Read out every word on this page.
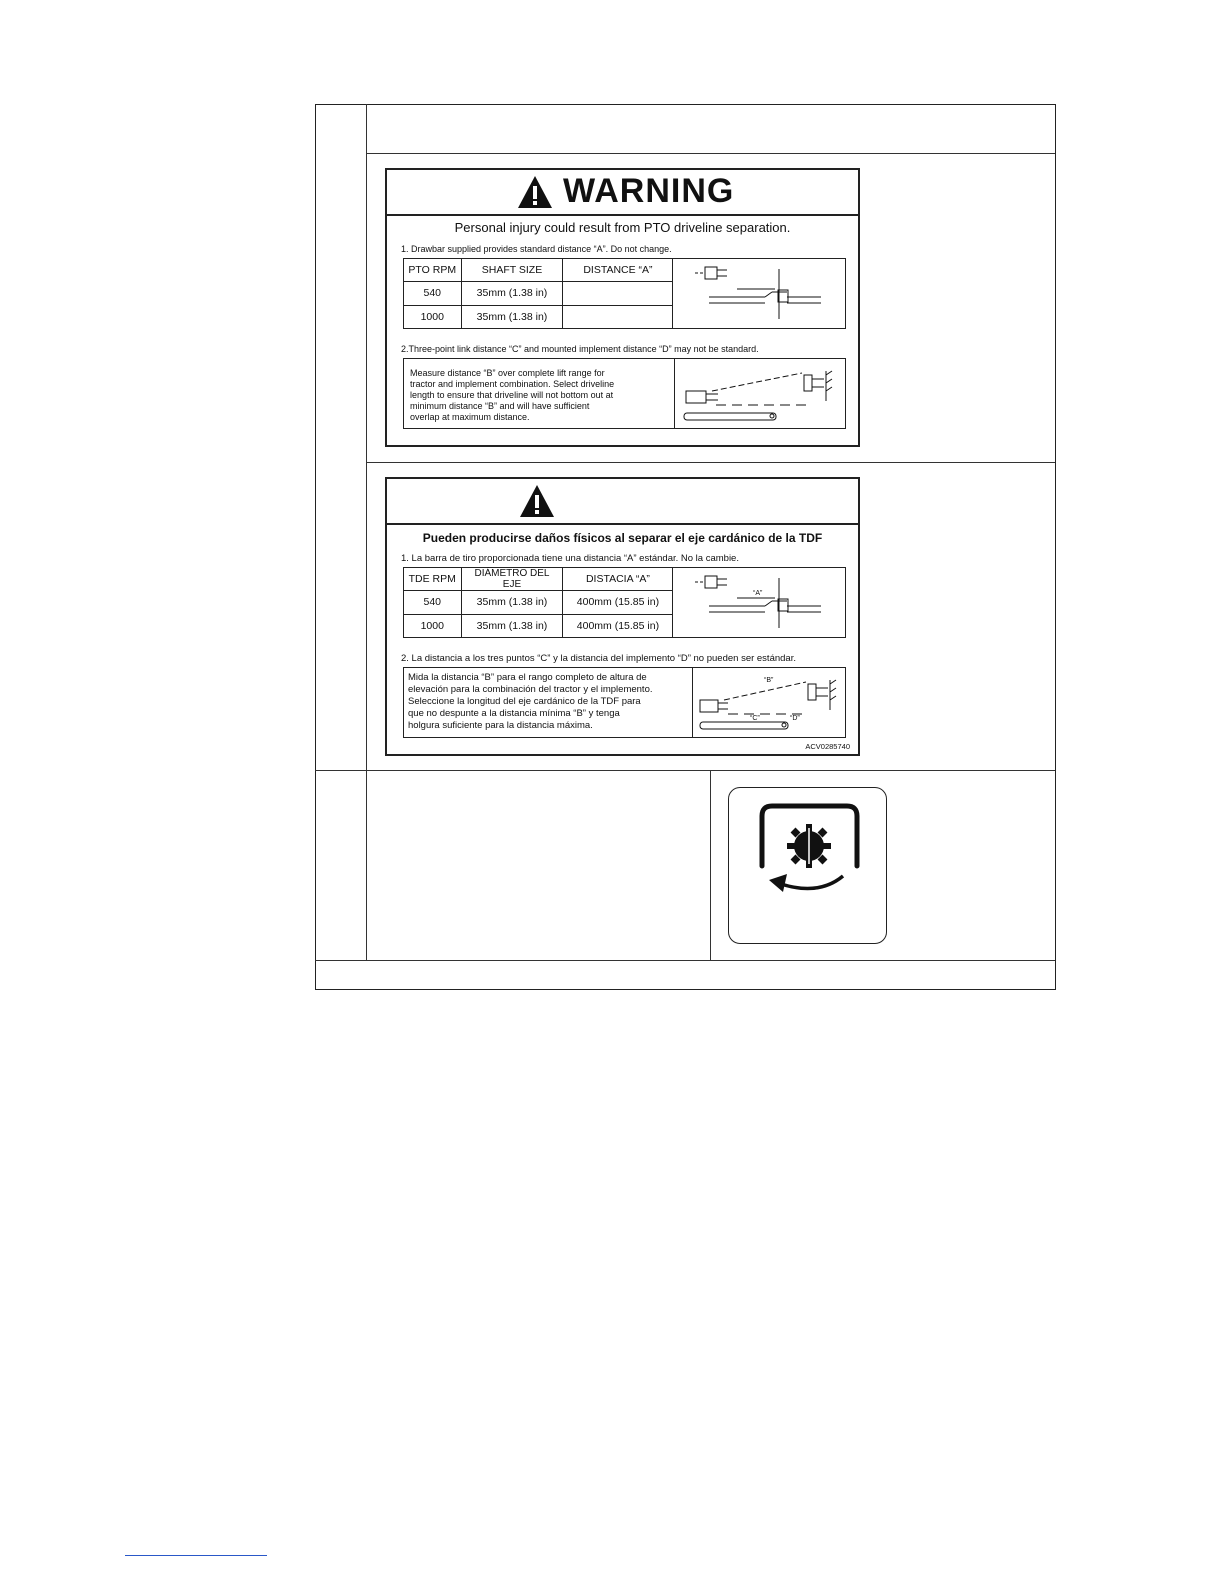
WARNING
Personal injury could result from PTO driveline separation.
1. Drawbar supplied provides standard distance “A”. Do not change.
PTO RPM	SHAFT SIZE	DISTANCE “A”	
540	35mm (1.38 in)		
1000	35mm (1.38 in)		
2.Three-point link distance “C” and mounted implement distance “D” may not be standard.
Measure distance “B” over complete lift range for
tractor and implement combination. Select driveline
length to ensure that driveline will not bottom out at
minimum distance “B” and will have sufficient
overlap at maximum distance.
Pueden producirse daños físicos al separar el eje cardánico de la TDF
1. La barra de tiro proporcionada tiene una distancia “A” estándar. No la cambie.
TDE RPM	DIÁMETRO DEL EJE	DISTACIA “A”	“A”

540	35mm (1.38 in)	400mm (15.85 in)	
1000	35mm (1.38 in)	400mm (15.85 in)	
2. La distancia a los tres puntos “C” y la distancia del implemento “D” no pueden ser estándar.
Mida la distancia “B” para el rango completo de altura de
elevación para la combinación del tractor y el implemento.
Seleccione la longitud del eje cardánico de la TDF para
que no despunte a la distancia mínima “B” y tenga
holgura suficiente para la distancia máxima.
“B”
“C”	“D”
ACV0285740
